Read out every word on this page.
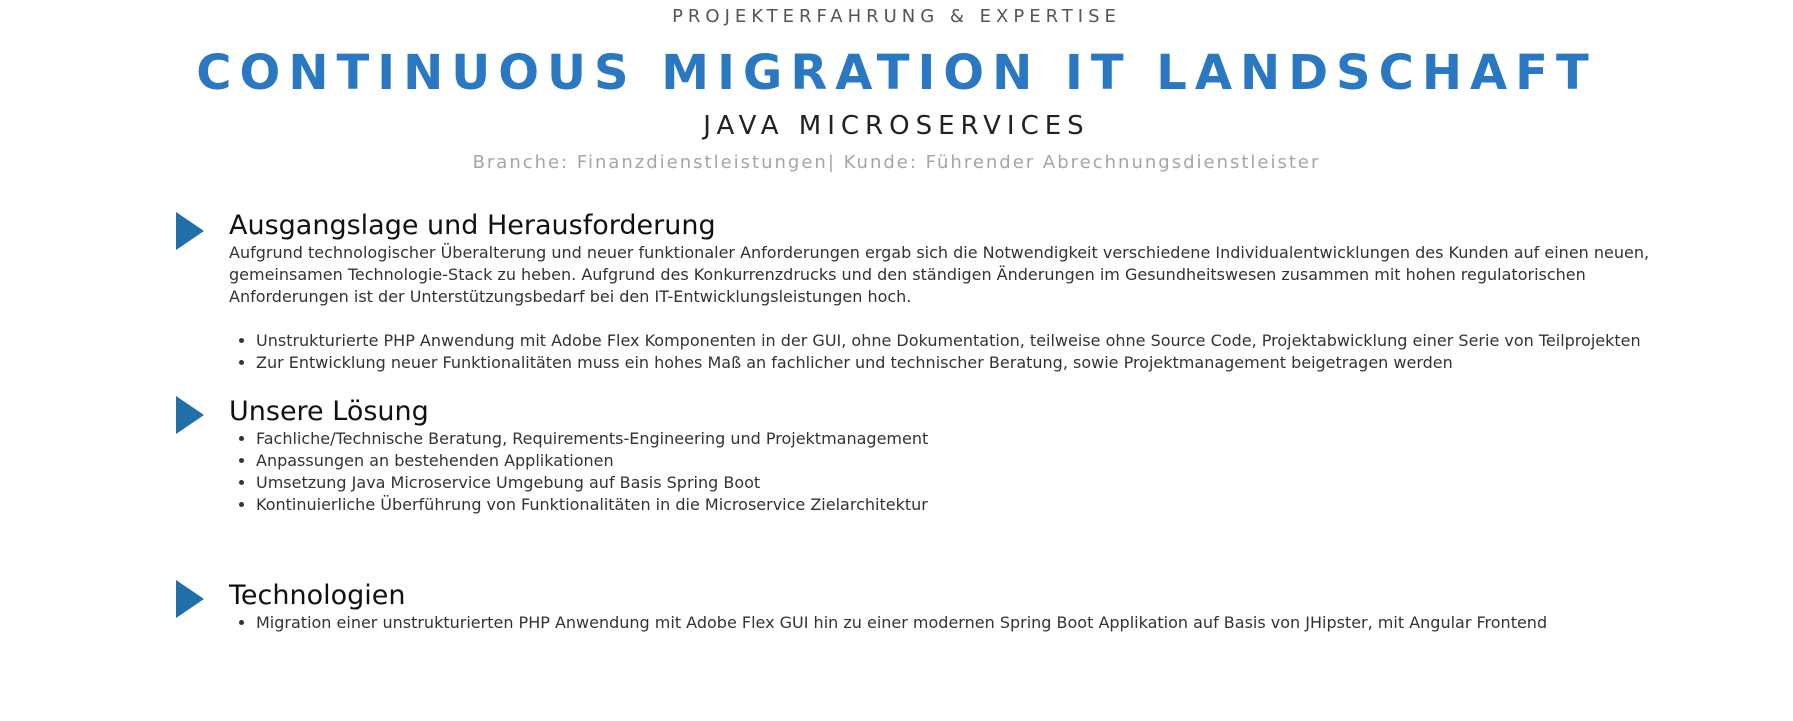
PROJEKTERFAHRUNG & EXPERTISE
CONTINUOUS MIGRATION IT LANDSCHAFT
JAVA MICROSERVICES
Branche: Finanzdienstleistungen| Kunde: Führender Abrechnungsdienstleister
Ausgangslage und Herausforderung

Aufgrund technologischer Überalterung und neuer funktionaler Anforderungen ergab sich die Notwendigkeit verschiedene Individualentwicklungen des Kunden auf einen neuen, gemeinsamen Technologie-Stack zu heben. Aufgrund des Konkurrenzdrucks und den ständigen Änderungen im Gesundheitswesen zusammen mit hohen regulatorischen Anforderungen ist der Unterstützungsbedarf bei den IT-Entwicklungsleistungen hoch.

• Unstrukturierte PHP Anwendung mit Adobe Flex Komponenten in der GUI, ohne Dokumentation, teilweise ohne Source Code, Projektabwicklung einer Serie von Teilprojekten
• Zur Entwicklung neuer Funktionalitäten muss ein hohes Maß an fachlicher und technischer Beratung, sowie Projektmanagement beigetragen werden
Unsere Lösung
• Fachliche/Technische Beratung, Requirements-Engineering und Projektmanagement
• Anpassungen an bestehenden Applikationen
• Umsetzung Java Microservice Umgebung auf Basis Spring Boot
• Kontinuierliche Überführung von Funktionalitäten in die Microservice Zielarchitektur
Technologien
• Migration einer unstrukturierten PHP Anwendung mit Adobe Flex GUI hin zu einer modernen Spring Boot Applikation auf Basis von JHipster, mit Angular Frontend
